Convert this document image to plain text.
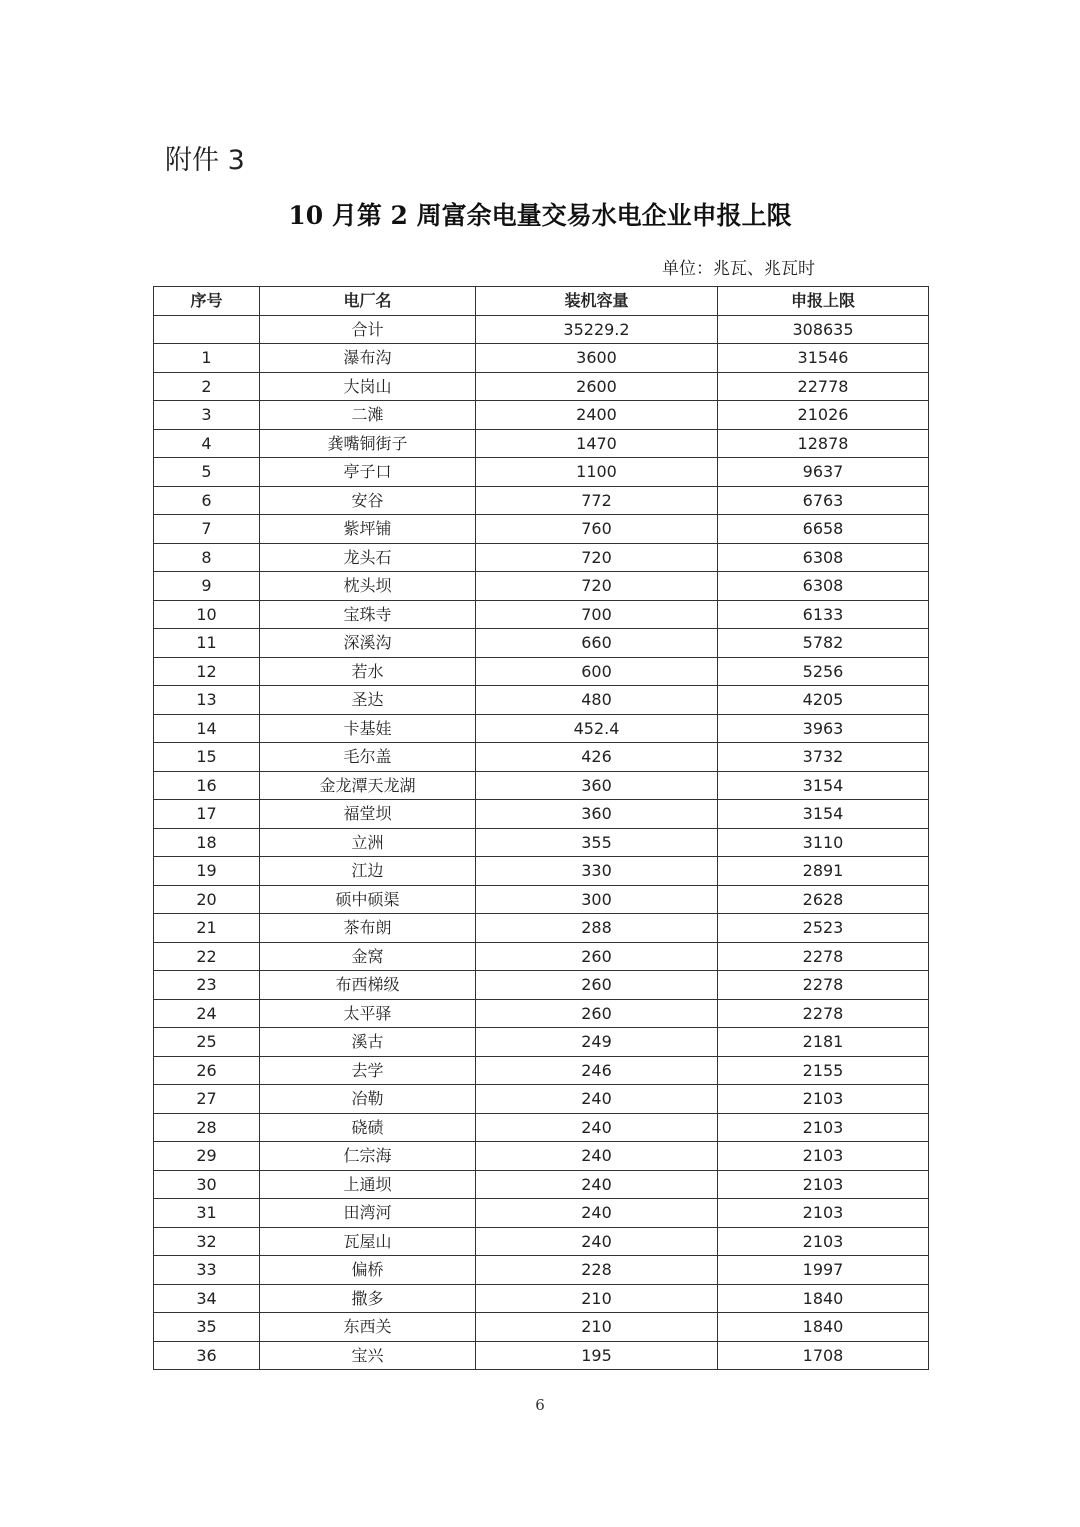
附件 3
10 月第 2 周富余电量交易水电企业申报上限
单位：兆瓦、兆瓦时
序号	电厂名	装机容量	申报上限
	合计	35229.2	308635
1	瀑布沟	3600	31546
2	大岗山	2600	22778
3	二滩	2400	21026
4	龚嘴铜街子	1470	12878
5	亭子口	1100	9637
6	安谷	772	6763
7	紫坪铺	760	6658
8	龙头石	720	6308
9	枕头坝	720	6308
10	宝珠寺	700	6133
11	深溪沟	660	5782
12	若水	600	5256
13	圣达	480	4205
14	卡基娃	452.4	3963
15	毛尔盖	426	3732
16	金龙潭天龙湖	360	3154
17	福堂坝	360	3154
18	立洲	355	3110
19	江边	330	2891
20	硕中硕渠	300	2628
21	茶布朗	288	2523
22	金窝	260	2278
23	布西梯级	260	2278
24	太平驿	260	2278
25	溪古	249	2181
26	去学	246	2155
27	冶勒	240	2103
28	硗碛	240	2103
29	仁宗海	240	2103
30	上通坝	240	2103
31	田湾河	240	2103
32	瓦屋山	240	2103
33	偏桥	228	1997
34	撒多	210	1840
35	东西关	210	1840
36	宝兴	195	1708
6
